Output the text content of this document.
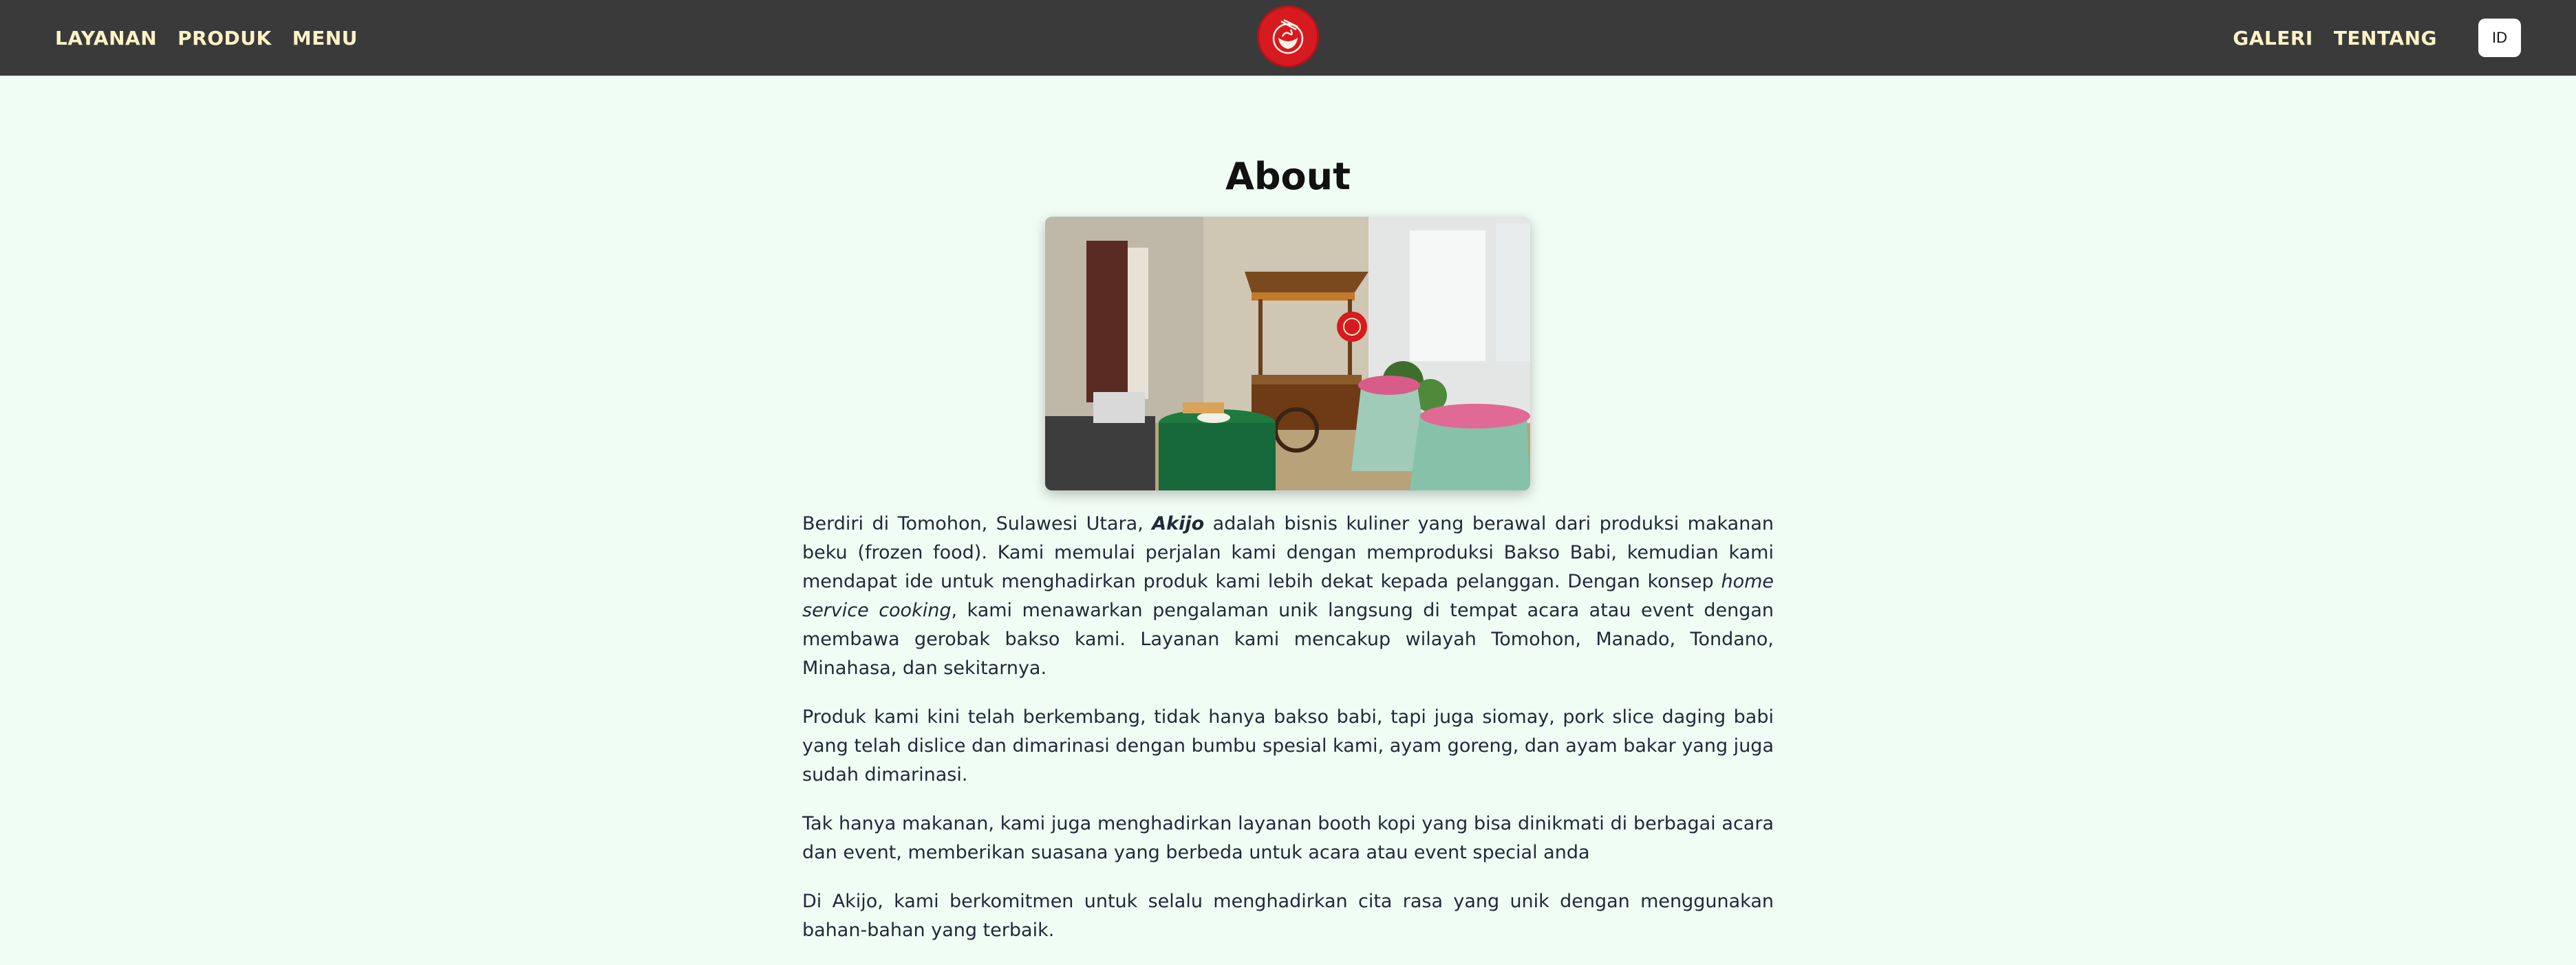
LAYANAN PRODUK MENU	GALERI TENTANG	ID
About

Berdiri di Tomohon, Sulawesi Utara, Akijo adalah bisnis kuliner yang berawal dari produksi makanan beku (frozen food). Kami memulai perjalan kami dengan memproduksi Bakso Babi, kemudian kami mendapat ide untuk menghadirkan produk kami lebih dekat kepada pelanggan. Dengan konsep home service cooking, kami menawarkan pengalaman unik langsung di tempat acara atau event dengan membawa gerobak bakso kami. Layanan kami mencakup wilayah Tomohon, Manado, Tondano, Minahasa, dan sekitarnya.

Produk kami kini telah berkembang, tidak hanya bakso babi, tapi juga siomay, pork slice daging babi yang telah dislice dan dimarinasi dengan bumbu spesial kami, ayam goreng, dan ayam bakar yang juga sudah dimarinasi.

Tak hanya makanan, kami juga menghadirkan layanan booth kopi yang bisa dinikmati di berbagai acara dan event, memberikan suasana yang berbeda untuk acara atau event special anda

Di Akijo, kami berkomitmen untuk selalu menghadirkan cita rasa yang unik dengan menggunakan bahan-bahan yang terbaik.
